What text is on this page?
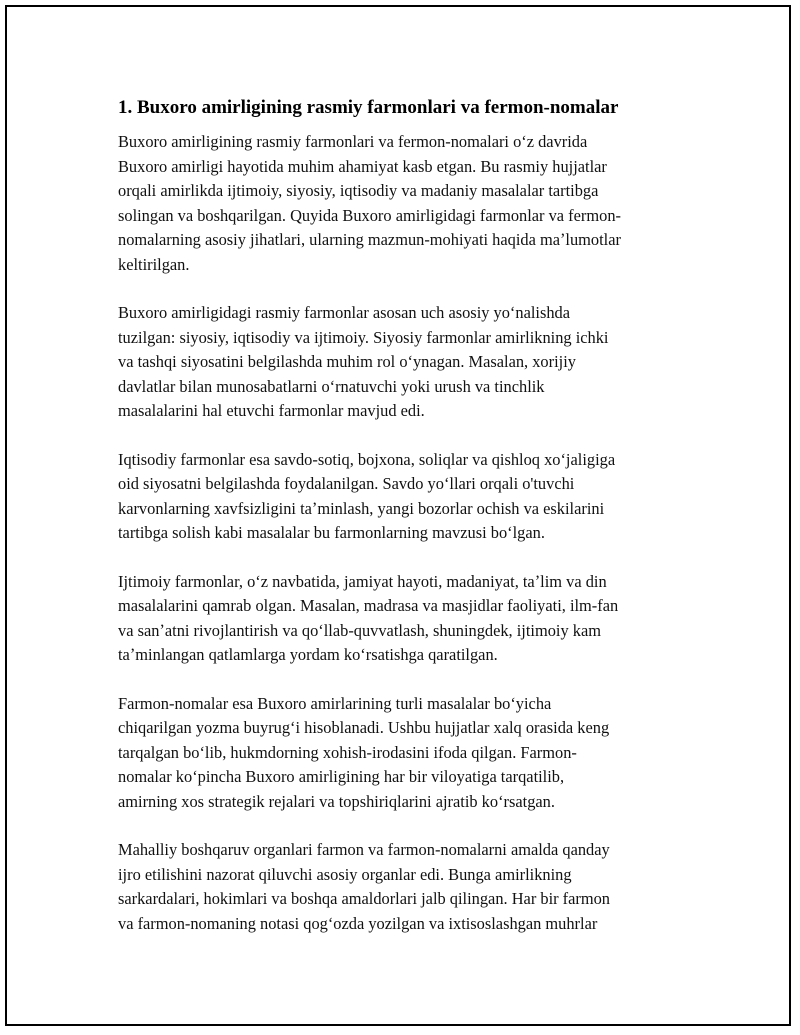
1. Buxoro amirligining rasmiy farmonlari va fermon-nomalar

Buxoro amirligining rasmiy farmonlari va fermon-nomalari oʻz davrida
Buxoro amirligi hayotida muhim ahamiyat kasb etgan. Bu rasmiy hujjatlar
orqali amirlikda ijtimoiy, siyosiy, iqtisodiy va madaniy masalalar tartibga
solingan va boshqarilgan. Quyida Buxoro amirligidagi farmonlar va fermon-
nomalarning asosiy jihatlari, ularning mazmun-mohiyati haqida maʼlumotlar
keltirilgan.

Buxoro amirligidagi rasmiy farmonlar asosan uch asosiy yoʻnalishda
tuzilgan: siyosiy, iqtisodiy va ijtimoiy. Siyosiy farmonlar amirlikning ichki
va tashqi siyosatini belgilashda muhim rol oʻynagan. Masalan, xorijiy
davlatlar bilan munosabatlarni oʻrnatuvchi yoki urush va tinchlik
masalalarini hal etuvchi farmonlar mavjud edi.

Iqtisodiy farmonlar esa savdo-sotiq, bojxona, soliqlar va qishloq xoʻjaligiga
oid siyosatni belgilashda foydalanilgan. Savdo yoʻllari orqali o'tuvchi
karvonlarning xavfsizligini taʼminlash, yangi bozorlar ochish va eskilarini
tartibga solish kabi masalalar bu farmonlarning mavzusi boʻlgan.

Ijtimoiy farmonlar, oʻz navbatida, jamiyat hayoti, madaniyat, taʼlim va din
masalalarini qamrab olgan. Masalan, madrasa va masjidlar faoliyati, ilm-fan
va sanʼatni rivojlantirish va qoʻllab-quvvatlash, shuningdek, ijtimoiy kam
taʼminlangan qatlamlarga yordam koʻrsatishga qaratilgan.

Farmon-nomalar esa Buxoro amirlarining turli masalalar boʻyicha
chiqarilgan yozma buyrugʻi hisoblanadi. Ushbu hujjatlar xalq orasida keng
tarqalgan boʻlib, hukmdorning xohish-irodasini ifoda qilgan. Farmon-
nomalar koʻpincha Buxoro amirligining har bir viloyatiga tarqatilib,
amirning xos strategik rejalari va topshiriqlarini ajratib koʻrsatgan.

Mahalliy boshqaruv organlari farmon va farmon-nomalarni amalda qanday
ijro etilishini nazorat qiluvchi asosiy organlar edi. Bunga amirlikning
sarkardalari, hokimlari va boshqa amaldorlari jalb qilingan. Har bir farmon
va farmon-nomaning notasi qogʻozda yozilgan va ixtisoslashgan muhrlar
